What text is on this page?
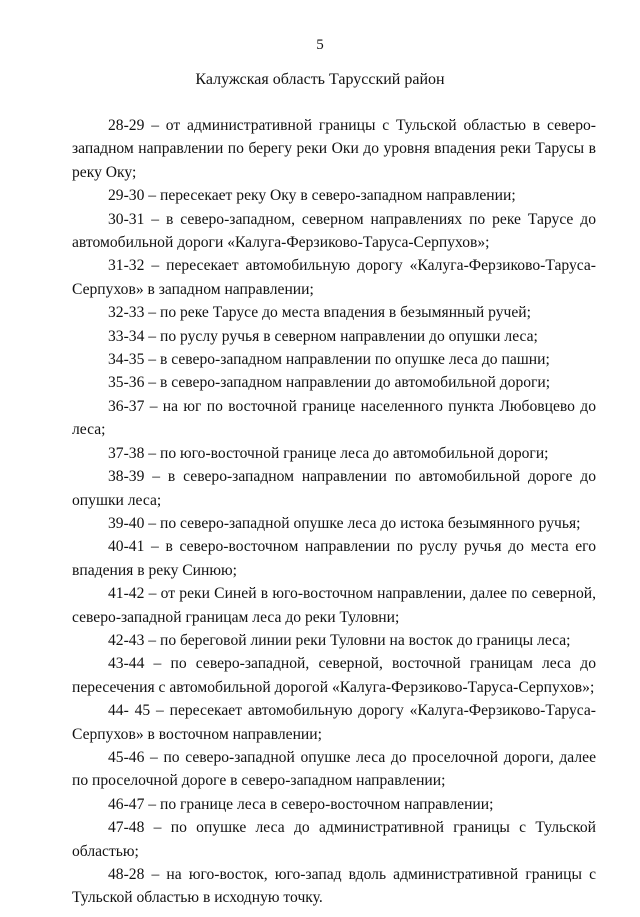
5
Калужская область Тарусский район

28-29 – от административной границы с Тульской областью в северо-западном направлении по берегу реки Оки до уровня впадения реки Тарусы в реку Оку;

29-30 – пересекает реку Оку в северо-западном направлении;

30-31 – в северо-западном, северном направлениях по реке Тарусе до автомобильной дороги «Калуга-Ферзиково-Таруса-Серпухов»;

31-32 – пересекает автомобильную дорогу «Калуга-Ферзиково-Таруса-Серпухов» в западном направлении;

32-33 – по реке Тарусе до места впадения в безымянный ручей;

33-34 – по руслу ручья в северном направлении до опушки леса;

34-35 – в северо-западном направлении по опушке леса до пашни;

35-36 – в северо-западном направлении до автомобильной дороги;

36-37 – на юг по восточной границе населенного пункта Любовцево до леса;

37-38 – по юго-восточной границе леса до автомобильной дороги;

38-39 – в северо-западном направлении по автомобильной дороге до опушки леса;

39-40 – по северо-западной опушке леса до истока безымянного ручья;

40-41 – в северо-восточном направлении по руслу ручья до места его впадения в реку Синюю;

41-42 – от реки Синей в юго-восточном направлении, далее по северной, северо-западной границам леса до реки Туловни;

42-43 – по береговой линии реки Туловни на восток до границы леса;

43-44 – по северо-западной, северной, восточной границам леса до пересечения с автомобильной дорогой «Калуга-Ферзиково-Таруса-Серпухов»;

44- 45 – пересекает автомобильную дорогу «Калуга-Ферзиково-Таруса-Серпухов» в восточном направлении;

45-46 – по северо-западной опушке леса до проселочной дороги, далее по проселочной дороге в северо-западном направлении;

46-47 – по границе леса в северо-восточном направлении;

47-48 – по опушке леса до административной границы с Тульской областью;

48-28 – на юго-восток, юго-запад вдоль административной границы с Тульской областью в исходную точку.
